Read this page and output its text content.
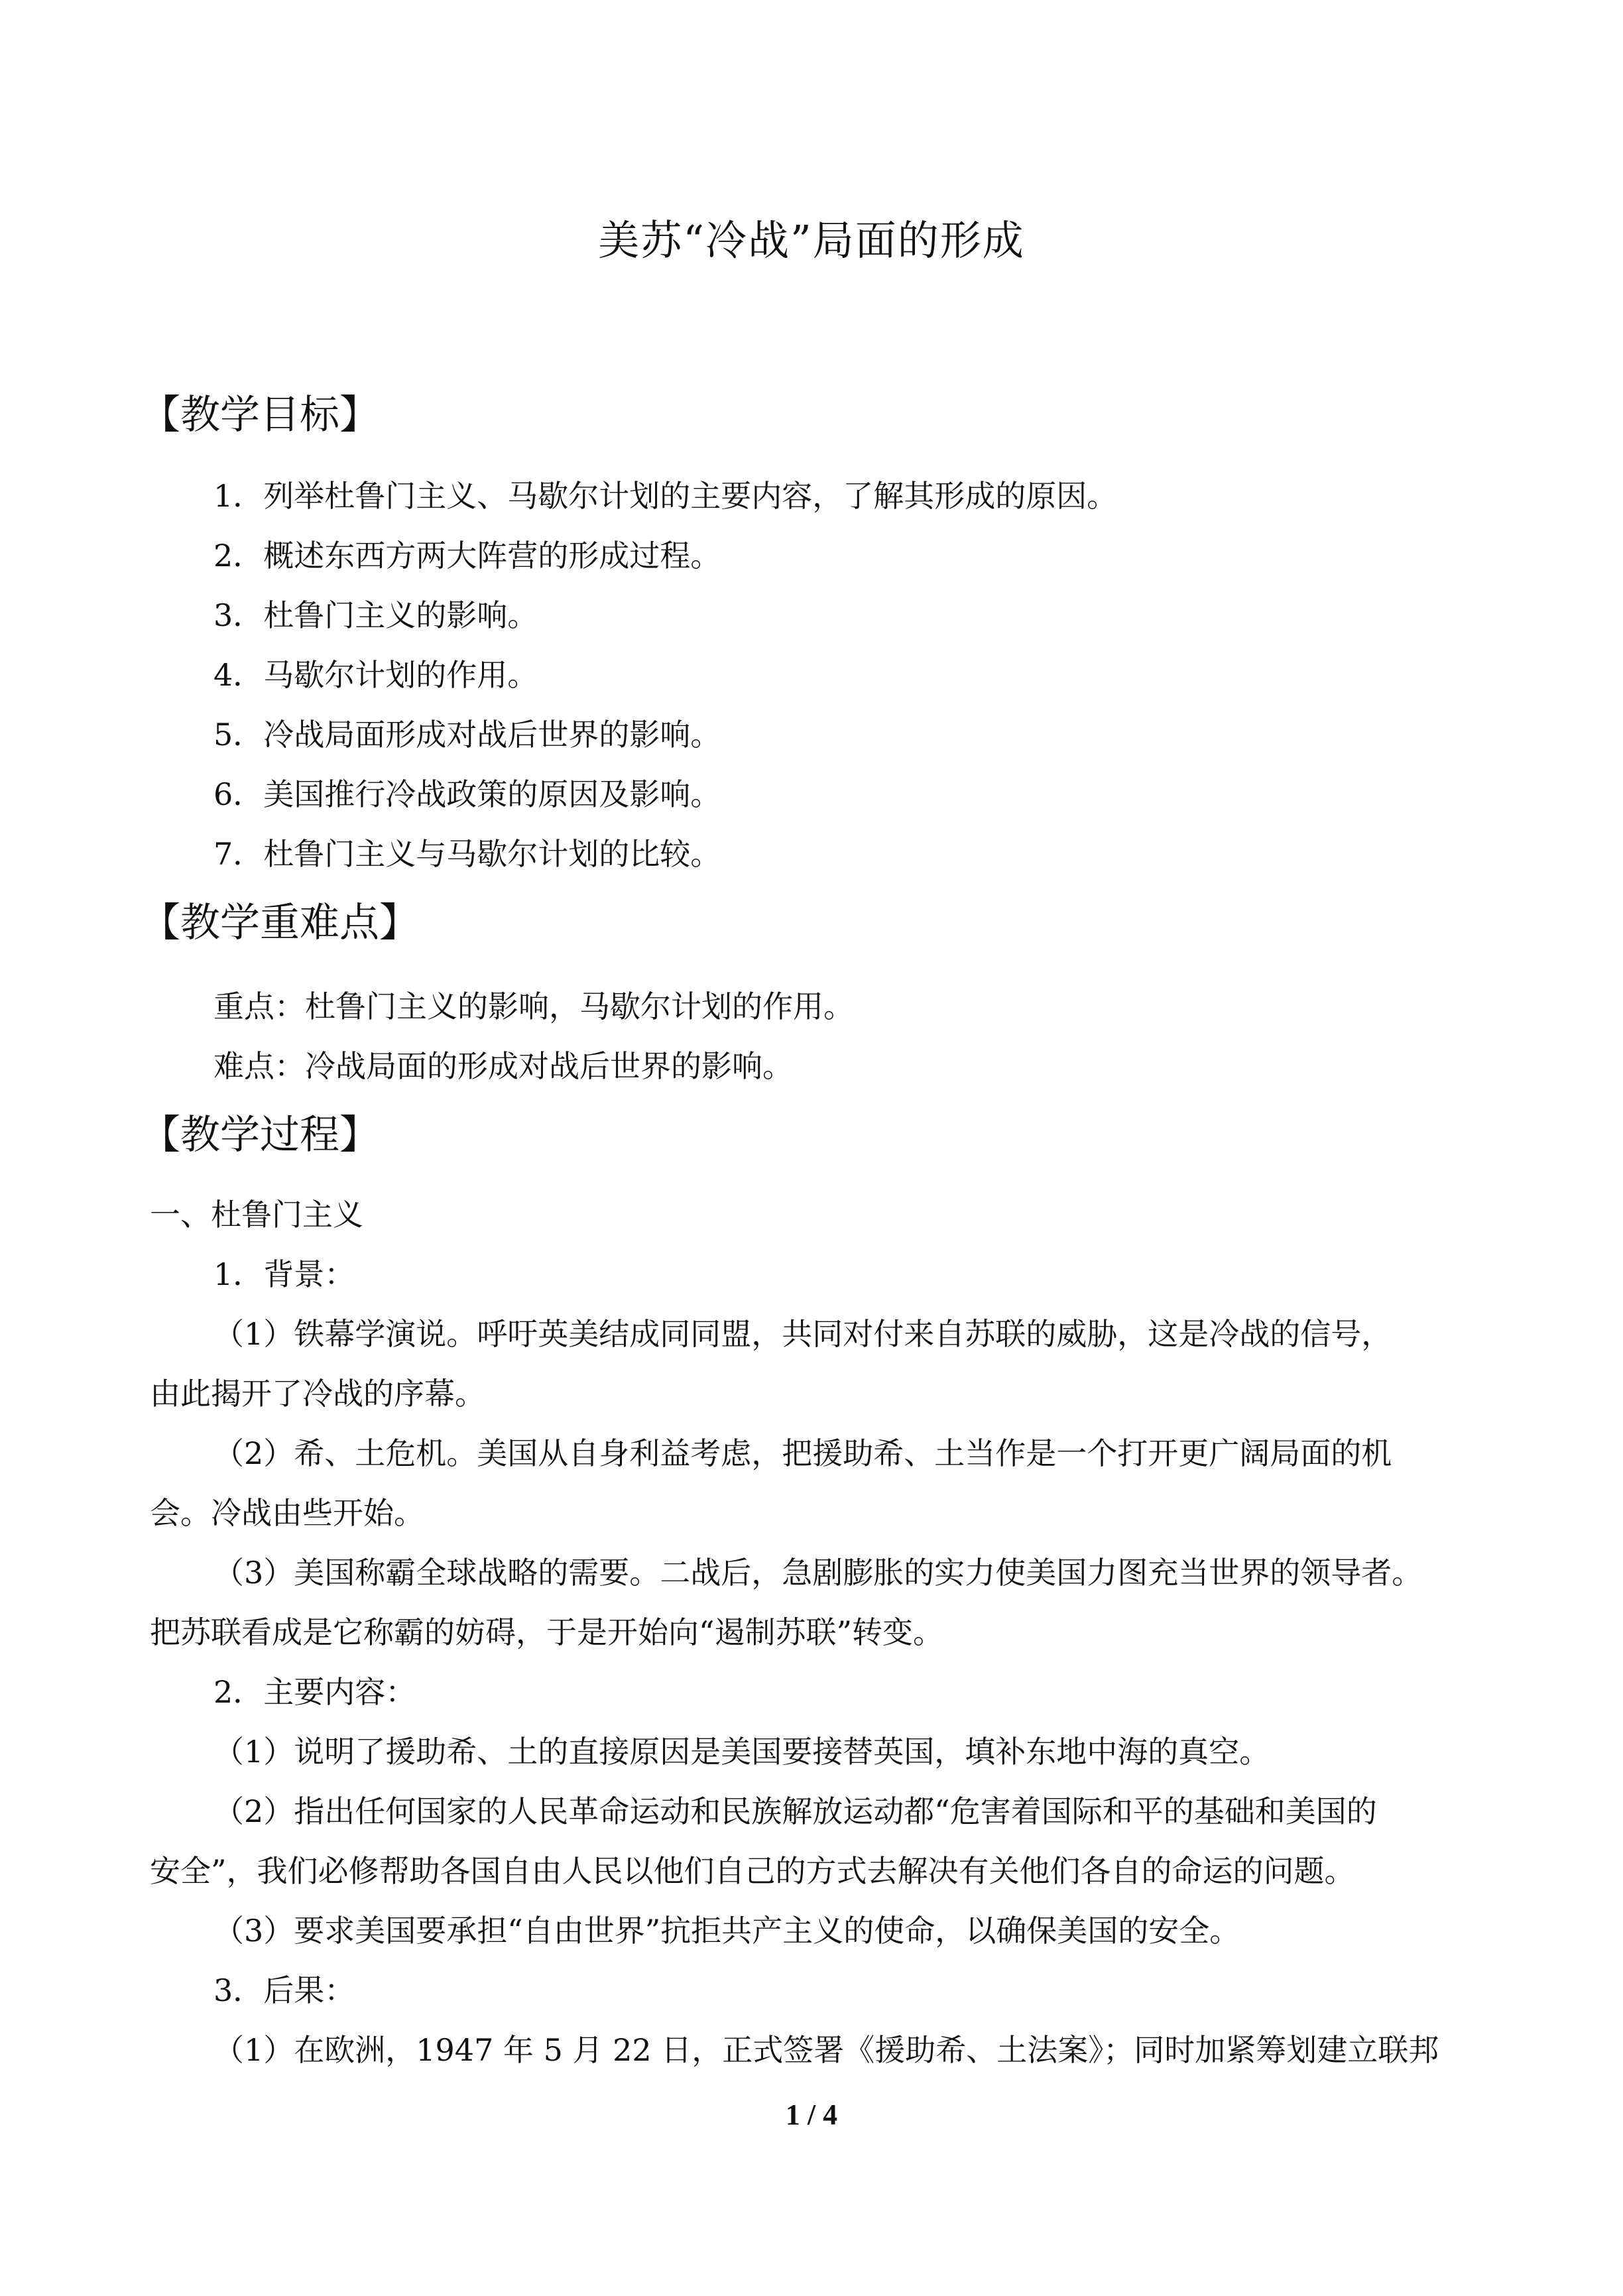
美苏“冷战”局面的形成
【教学目标】
1．列举杜鲁门主义、马歇尔计划的主要内容，了解其形成的原因。
2．概述东西方两大阵营的形成过程。
3．杜鲁门主义的影响。
4．马歇尔计划的作用。
5．冷战局面形成对战后世界的影响。
6．美国推行冷战政策的原因及影响。
7．杜鲁门主义与马歇尔计划的比较。
【教学重难点】
重点：杜鲁门主义的影响，马歇尔计划的作用。
难点：冷战局面的形成对战后世界的影响。
【教学过程】
一、杜鲁门主义
1．背景：
（1）铁幕学演说。呼吁英美结成同同盟，共同对付来自苏联的威胁，这是冷战的信号，
由此揭开了冷战的序幕。
（2）希、土危机。美国从自身利益考虑，把援助希、土当作是一个打开更广阔局面的机
会。冷战由些开始。
（3）美国称霸全球战略的需要。二战后，急剧膨胀的实力使美国力图充当世界的领导者。
把苏联看成是它称霸的妨碍，于是开始向“遏制苏联”转变。
2．主要内容：
（1）说明了援助希、土的直接原因是美国要接替英国，填补东地中海的真空。
（2）指出任何国家的人民革命运动和民族解放运动都“危害着国际和平的基础和美国的
安全”，我们必修帮助各国自由人民以他们自己的方式去解决有关他们各自的命运的问题。
（3）要求美国要承担“自由世界”抗拒共产主义的使命，以确保美国的安全。
3．后果：
（1）在欧洲，1947 年 5 月 22 日，正式签署《援助希、土法案》；同时加紧筹划建立联邦
1 / 4
